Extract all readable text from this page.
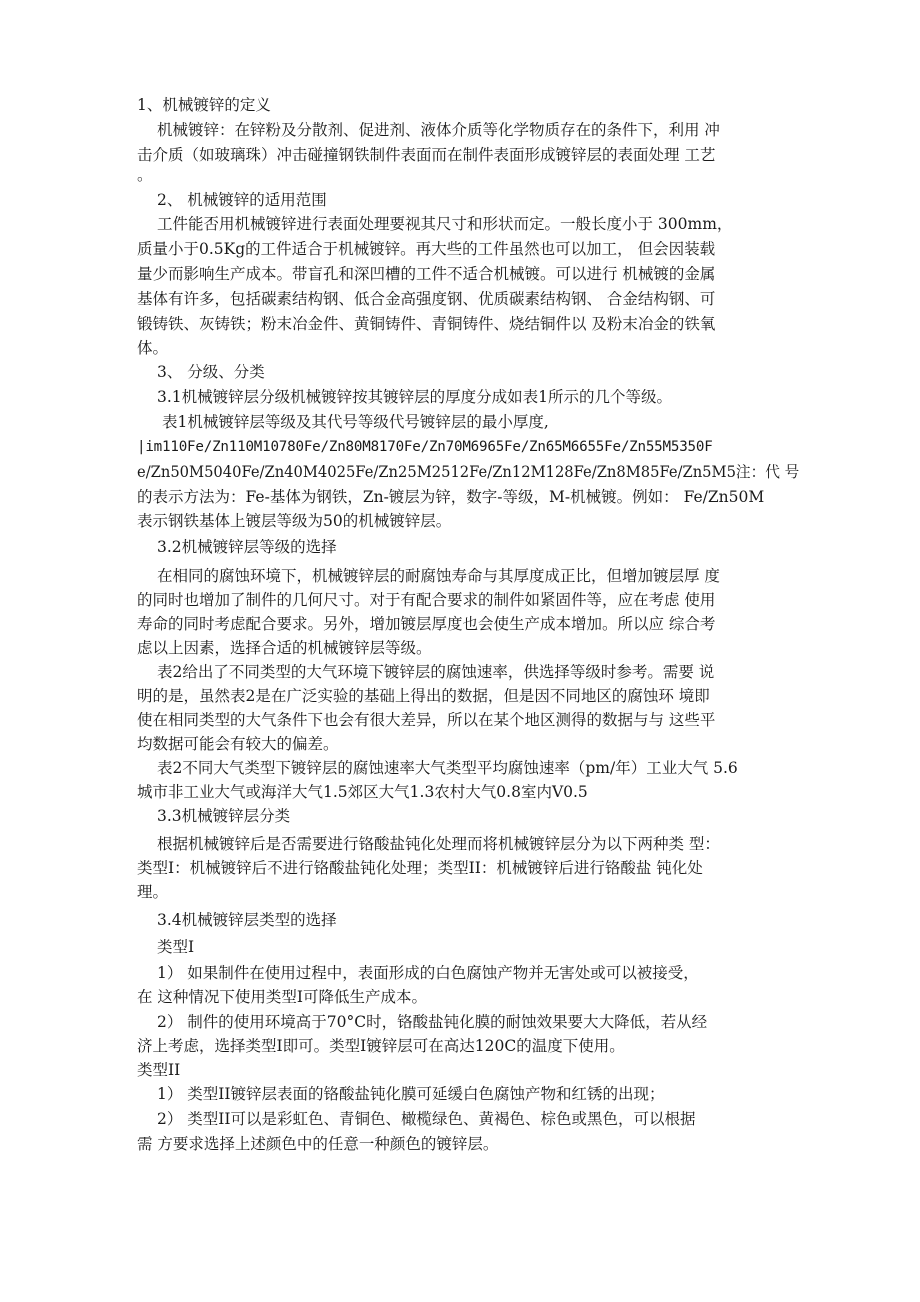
1、机械镀锌的定义
机械镀锌：在锌粉及分散剂、促进剂、液体介质等化学物质存在的条件下，利用 冲
击介质（如玻璃珠）冲击碰撞钢铁制件表面而在制件表面形成镀锌层的表面处理 工艺
。
2、 机械镀锌的适用范围
工件能否用机械镀锌进行表面处理要视其尺寸和形状而定。一般长度小于 300mm，
质量小于0.5Kg的工件适合于机械镀锌。再大些的工件虽然也可以加工， 但会因装载
量少而影响生产成本。带盲孔和深凹槽的工件不适合机械镀。可以进行 机械镀的金属
基体有许多，包括碳素结构钢、低合金高强度钢、优质碳素结构钢、 合金结构钢、可
锻铸铁、灰铸铁；粉末冶金件、黄铜铸件、青铜铸件、烧结铜件以 及粉末冶金的铁氧
体。
3、 分级、分类
3.1机械镀锌层分级机械镀锌按其镀锌层的厚度分成如表1所示的几个等级。
表1机械镀锌层等级及其代号等级代号镀锌层的最小厚度,
|im110Fe/Zn110M10780Fe/Zn80M8170Fe/Zn70M6965Fe/Zn65M6655Fe/Zn55M5350F
e/Zn50M5040Fe/Zn40M4025Fe/Zn25M2512Fe/Zn12M128Fe/Zn8M85Fe/Zn5M5注：代 号
的表示方法为：Fe-基体为钢铁，Zn-镀层为锌，数字-等级，M-机械镀。例如： Fe/Zn50M
表示钢铁基体上镀层等级为50的机械镀锌层。
3.2机械镀锌层等级的选择
在相同的腐蚀环境下，机械镀锌层的耐腐蚀寿命与其厚度成正比，但增加镀层厚 度
的同时也增加了制件的几何尺寸。对于有配合要求的制件如紧固件等，应在考虑 使用
寿命的同时考虑配合要求。另外，增加镀层厚度也会使生产成本增加。所以应 综合考
虑以上因素，选择合适的机械镀锌层等级。
表2给出了不同类型的大气环境下镀锌层的腐蚀速率，供选择等级时参考。需要 说
明的是，虽然表2是在广泛实验的基础上得出的数据，但是因不同地区的腐蚀环 境即
使在相同类型的大气条件下也会有很大差异，所以在某个地区测得的数据与与 这些平
均数据可能会有较大的偏差。
表2不同大气类型下镀锌层的腐蚀速率大气类型平均腐蚀速率（pm/年）工业大气 5.6
城市非工业大气或海洋大气1.5郊区大气1.3农村大气0.8室内V0.5
3.3机械镀锌层分类
根据机械镀锌后是否需要进行铬酸盐钝化处理而将机械镀锌层分为以下两种类 型：
类型I：机械镀锌后不进行铬酸盐钝化处理；类型II：机械镀锌后进行铬酸盐 钝化处
理。
3.4机械镀锌层类型的选择
类型I
1） 如果制件在使用过程中，表面形成的白色腐蚀产物并无害处或可以被接受，
在 这种情况下使用类型I可降低生产成本。
2） 制件的使用环境高于70°C时，铬酸盐钝化膜的耐蚀效果要大大降低，若从经
济上考虑，选择类型I即可。类型I镀锌层可在高达120C的温度下使用。
类型II
1） 类型II镀锌层表面的铬酸盐钝化膜可延缓白色腐蚀产物和红锈的出现；
2） 类型II可以是彩虹色、青铜色、橄榄绿色、黄褐色、棕色或黑色，可以根据
需 方要求选择上述颜色中的任意一种颜色的镀锌层。
